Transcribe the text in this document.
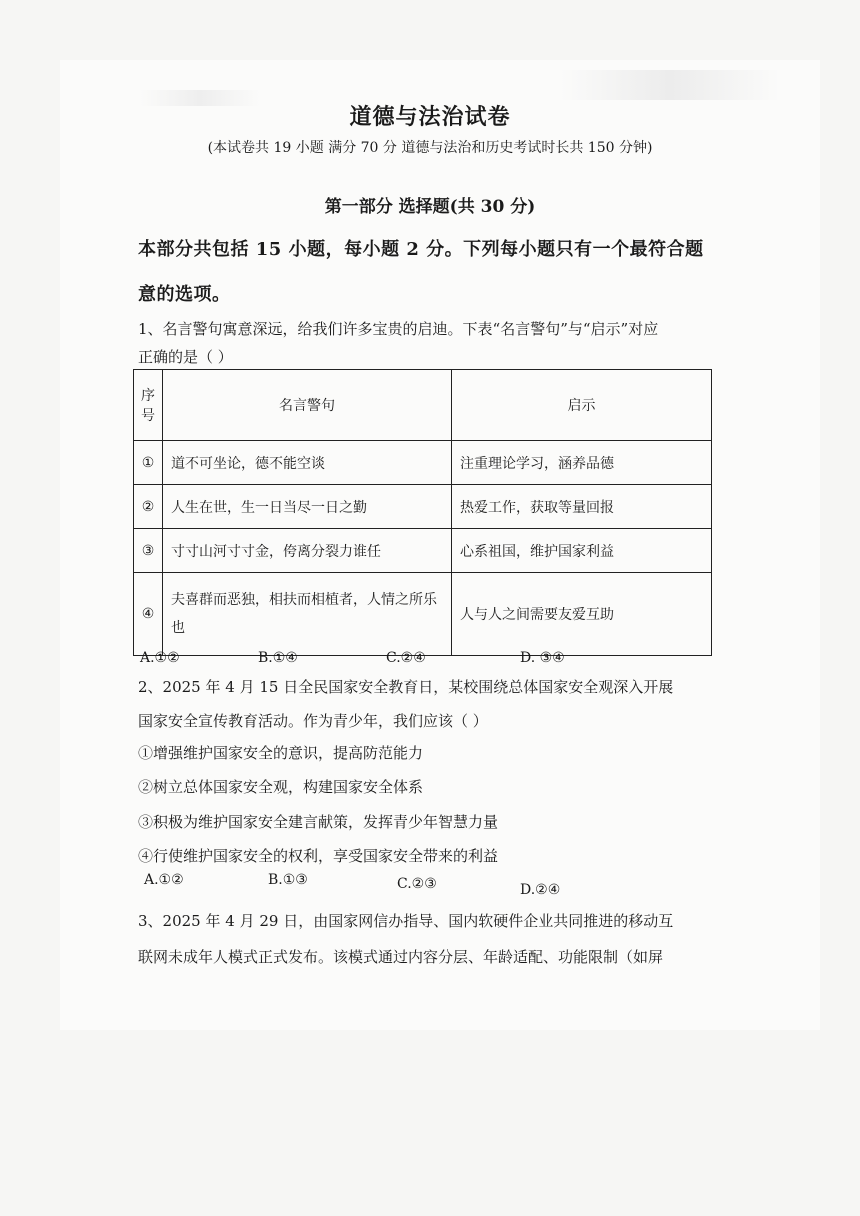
道德与法治试卷
(本试卷共 19 小题 满分 70 分 道德与法治和历史考试时长共 150 分钟)
第一部分 选择题(共 30 分)
本部分共包括 15 小题，每小题 2 分。下列每小题只有一个最符合题
意的选项。
1、名言警句寓意深远，给我们许多宝贵的启迪。下表“名言警句”与“启示”对应
正确的是（ ）
序号	名言警句	启示
①	道不可坐论，德不能空谈	注重理论学习，涵养品德
②	人生在世，生一日当尽一日之勤	热爱工作，获取等量回报
③	寸寸山河寸寸金，侉离分裂力谁任	心系祖国，维护国家利益
④	夫喜群而恶独，相扶而相植者，人情之所乐也	人与人之间需要友爱互助
A.①②	B.①④	C.②④	D. ③④
2、2025 年 4 月 15 日全民国家安全教育日，某校围绕总体国家安全观深入开展
国家安全宣传教育活动。作为青少年，我们应该（ ）
①增强维护国家安全的意识，提高防范能力
②树立总体国家安全观，构建国家安全体系
③积极为维护国家安全建言献策，发挥青少年智慧力量
④行使维护国家安全的权利，享受国家安全带来的利益
A.①②	B.①③	C.②③	D.②④
3、2025 年 4 月 29 日，由国家网信办指导、国内软硬件企业共同推进的移动互
联网未成年人模式正式发布。该模式通过内容分层、年龄适配、功能限制（如屏
